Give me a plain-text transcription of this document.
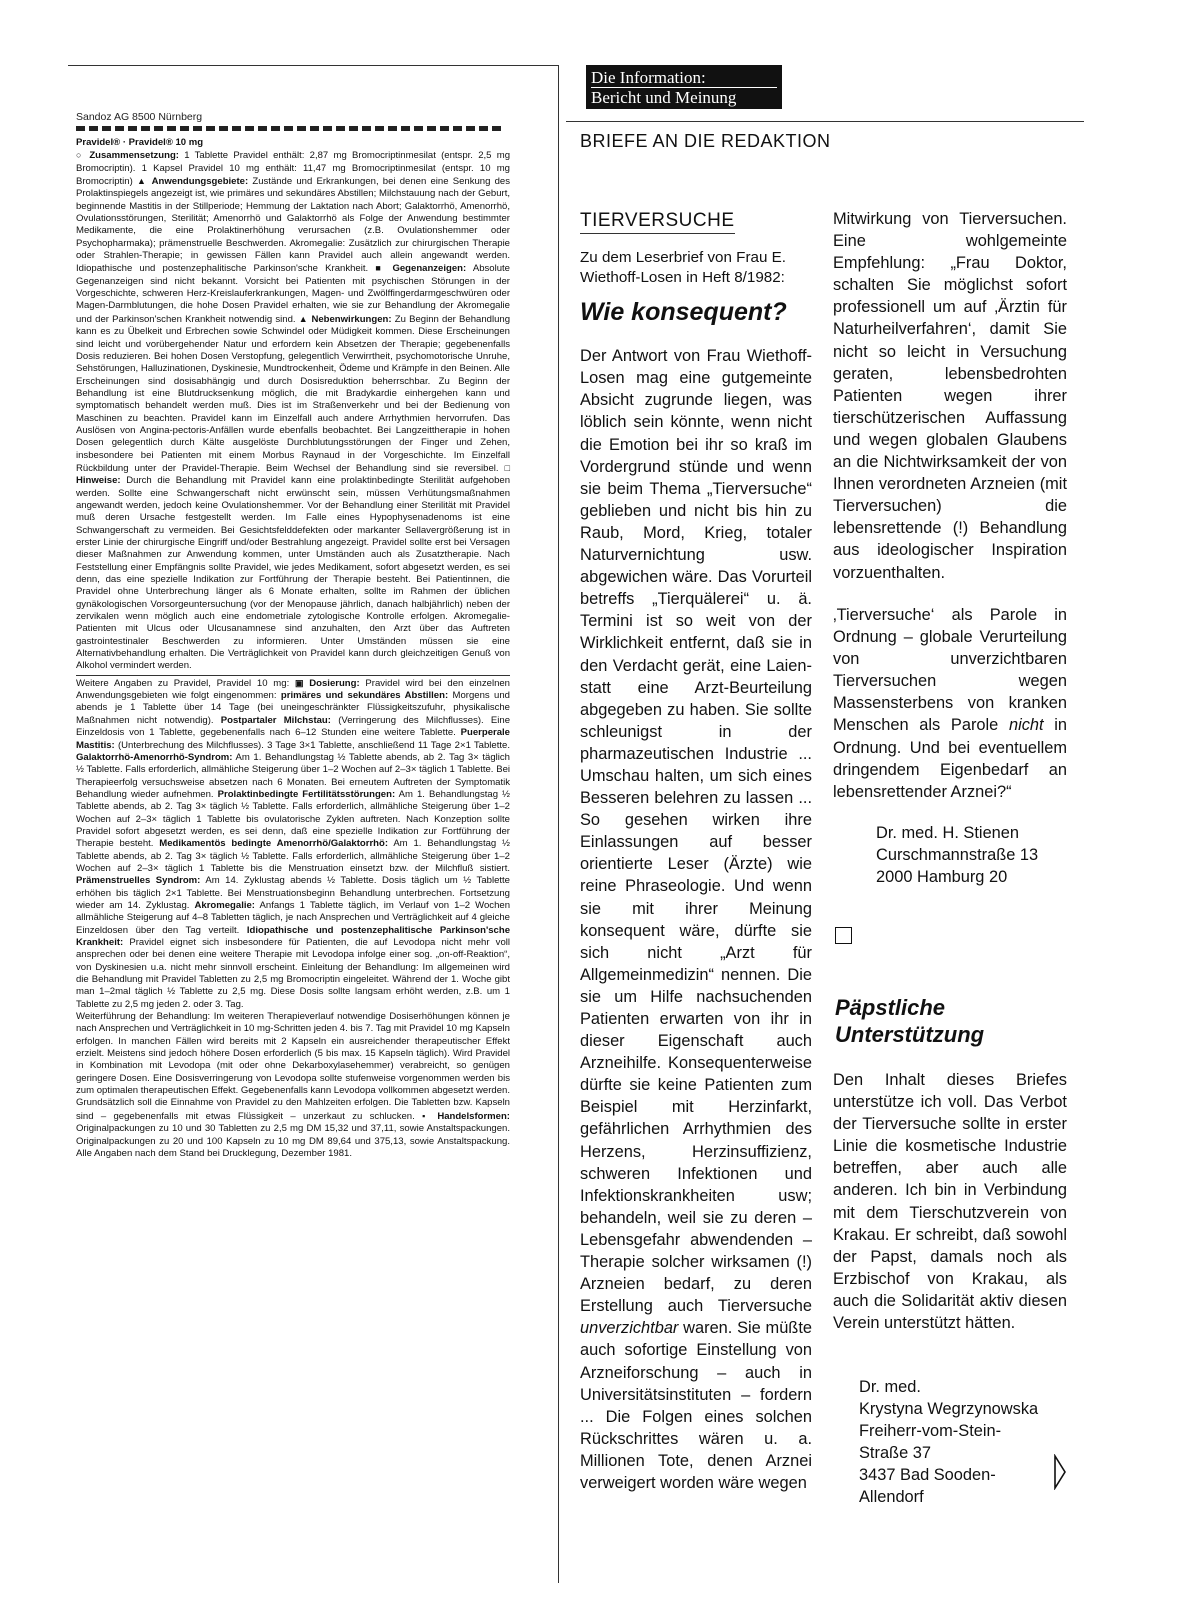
Sandoz AG 8500 Nürnberg

Pravidel® · Pravidel® 10 mg
○ Zusammensetzung: 1 Tablette Pravidel enthält: 2,87 mg Bromocriptinmesilat (entspr. 2,5 mg Bromocriptin). 1 Kapsel Pravidel 10 mg enthält: 11,47 mg Bromocriptinmesilat (entspr. 10 mg Bromocriptin) ▲ Anwendungsgebiete: Zustände und Erkrankungen, bei denen eine Senkung des Prolaktinspiegels angezeigt ist, wie primäres und sekundäres Abstillen; Milchstauung nach der Geburt, beginnende Mastitis in der Stillperiode; Hemmung der Laktation nach Abort; Galaktorrhö, Amenorrhö, Ovulationsstörungen, Sterilität; Amenorrhö und Galaktorrhö als Folge der Anwendung bestimmter Medikamente, die eine Prolaktinerhöhung verursachen (z.B. Ovulationshemmer oder Psychopharmaka); prämenstruelle Beschwerden. Akromegalie: Zusätzlich zur chirurgischen Therapie oder Strahlen-Therapie; in gewissen Fällen kann Pravidel auch allein angewandt werden. Idiopathische und postenzephalitische Parkinson'sche Krankheit. ■ Gegenanzeigen: Absolute Gegenanzeigen sind nicht bekannt. Vorsicht bei Patienten mit psychischen Störungen in der Vorgeschichte, schweren Herz-Kreislauferkrankungen, Magen- und Zwölffingerdarmgeschwüren oder Magen-Darmblutungen, die hohe Dosen Pravidel erhalten, wie sie zur Behandlung der Akromegalie und der Parkinson'schen Krankheit notwendig sind. ▲ Nebenwirkungen: Zu Beginn der Behandlung kann es zu Übelkeit und Erbrechen sowie Schwindel oder Müdigkeit kommen. Diese Erscheinungen sind leicht und vorübergehender Natur und erfordern kein Absetzen der Therapie; gegebenenfalls Dosis reduzieren. Bei hohen Dosen Verstopfung, gelegentlich Verwirrtheit, psychomotorische Unruhe, Sehstörungen, Halluzinationen, Dyskinesie, Mundtrockenheit, Ödeme und Krämpfe in den Beinen. Alle Erscheinungen sind dosisabhängig und durch Dosisreduktion beherrschbar. Zu Beginn der Behandlung ist eine Blutdrucksenkung möglich, die mit Bradykardie einhergehen kann und symptomatisch behandelt werden muß. Dies ist im Straßenverkehr und bei der Bedienung von Maschinen zu beachten. Pravidel kann im Einzelfall auch andere Arrhythmien hervorrufen. Das Auslösen von Angina-pectoris-Anfällen wurde ebenfalls beobachtet. Bei Langzeittherapie in hohen Dosen gelegentlich durch Kälte ausgelöste Durchblutungsstörungen der Finger und Zehen, insbesondere bei Patienten mit einem Morbus Raynaud in der Vorgeschichte. Im Einzelfall Rückbildung unter der Pravidel-Therapie. Beim Wechsel der Behandlung sind sie reversibel. □ Hinweise: Durch die Behandlung mit Pravidel kann eine prolaktinbedingte Sterilität aufgehoben werden. Sollte eine Schwangerschaft nicht erwünscht sein, müssen Verhütungsmaßnahmen angewandt werden, jedoch keine Ovulationshemmer. Vor der Behandlung einer Sterilität mit Pravidel muß deren Ursache festgestellt werden. Im Falle eines Hypophysenadenoms ist eine Schwangerschaft zu vermeiden. Bei Gesichtsfelddefekten oder markanter Sellavergrößerung ist in erster Linie der chirurgische Eingriff und/oder Bestrahlung angezeigt. Pravidel sollte erst bei Versagen dieser Maßnahmen zur Anwendung kommen, unter Umständen auch als Zusatztherapie. Nach Feststellung einer Empfängnis sollte Pravidel, wie jedes Medikament, sofort abgesetzt werden, es sei denn, das eine spezielle Indikation zur Fortführung der Therapie besteht. Bei Patientinnen, die Pravidel ohne Unterbrechung länger als 6 Monate erhalten, sollte im Rahmen der üblichen gynäkologischen Vorsorgeuntersuchung (vor der Menopause jährlich, danach halbjährlich) neben der zervikalen wenn möglich auch eine endometriale zytologische Kontrolle erfolgen. Akromegalie-Patienten mit Ulcus oder Ulcusanamnese sind anzuhalten, den Arzt über das Auftreten gastrointestinaler Beschwerden zu informieren. Unter Umständen müssen sie eine Alternativbehandlung erhalten. Die Verträglichkeit von Pravidel kann durch gleichzeitigen Genuß von Alkohol vermindert werden.

Weitere Angaben zu Pravidel, Pravidel 10 mg: ▣ Dosierung: Pravidel wird bei den einzelnen Anwendungsgebieten wie folgt eingenommen: primäres und sekundäres Abstillen: Morgens und abends je 1 Tablette über 14 Tage (bei uneingeschränkter Flüssigkeitszufuhr, physikalische Maßnahmen nicht notwendig). Postpartaler Milchstau: (Verringerung des Milchflusses). Eine Einzeldosis von 1 Tablette, gegebenenfalls nach 6–12 Stunden eine weitere Tablette. Puerperale Mastitis: (Unterbrechung des Milchflusses). 3 Tage 3×1 Tablette, anschließend 11 Tage 2×1 Tablette. Galaktorrhö-Amenorrhö-Syndrom: Am 1. Behandlungstag ½ Tablette abends, ab 2. Tag 3× täglich ½ Tablette. Falls erforderlich, allmähliche Steigerung über 1–2 Wochen auf 2–3× täglich 1 Tablette. Bei Therapieerfolg versuchsweise absetzen nach 6 Monaten. Bei erneutem Auftreten der Symptomatik Behandlung wieder aufnehmen. Prolaktinbedingte Fertilitätsstörungen: Am 1. Behandlungstag ½ Tablette abends, ab 2. Tag 3× täglich ½ Tablette. Falls erforderlich, allmähliche Steigerung über 1–2 Wochen auf 2–3× täglich 1 Tablette bis ovulatorische Zyklen auftreten. Nach Konzeption sollte Pravidel sofort abgesetzt werden, es sei denn, daß eine spezielle Indikation zur Fortführung der Therapie besteht. Medikamentös bedingte Amenorrhö/Galaktorrhö: Am 1. Behandlungstag ½ Tablette abends, ab 2. Tag 3× täglich ½ Tablette. Falls erforderlich, allmähliche Steigerung über 1–2 Wochen auf 2–3× täglich 1 Tablette bis die Menstruation einsetzt bzw. der Milchfluß sistiert. Prämenstruelles Syndrom: Am 14. Zyklustag abends ½ Tablette. Dosis täglich um ½ Tablette erhöhen bis täglich 2×1 Tablette. Bei Menstruationsbeginn Behandlung unterbrechen. Fortsetzung wieder am 14. Zyklustag. Akromegalie: Anfangs 1 Tablette täglich, im Verlauf von 1–2 Wochen allmähliche Steigerung auf 4–8 Tabletten täglich, je nach Ansprechen und Verträglichkeit auf 4 gleiche Einzeldosen über den Tag verteilt. Idiopathische und postenzephalitische Parkinson'sche Krankheit: Pravidel eignet sich insbesondere für Patienten, die auf Levodopa nicht mehr voll ansprechen oder bei denen eine weitere Therapie mit Levodopa infolge einer sog. „on-off-Reaktion“, von Dyskinesien u.a. nicht mehr sinnvoll erscheint. Einleitung der Behandlung: Im allgemeinen wird die Behandlung mit Pravidel Tabletten zu 2,5 mg Bromocriptin eingeleitet. Während der 1. Woche gibt man 1–2mal täglich ½ Tablette zu 2,5 mg. Diese Dosis sollte langsam erhöht werden, z.B. um 1 Tablette zu 2,5 mg jeden 2. oder 3. Tag.

Weiterführung der Behandlung: Im weiteren Therapieverlauf notwendige Dosiserhöhungen können je nach Ansprechen und Verträglichkeit in 10 mg-Schritten jeden 4. bis 7. Tag mit Pravidel 10 mg Kapseln erfolgen. In manchen Fällen wird bereits mit 2 Kapseln ein ausreichender therapeutischer Effekt erzielt. Meistens sind jedoch höhere Dosen erforderlich (5 bis max. 15 Kapseln täglich). Wird Pravidel in Kombination mit Levodopa (mit oder ohne Dekarboxylasehemmer) verabreicht, so genügen geringere Dosen. Eine Dosisverringerung von Levodopa sollte stufenweise vorgenommen werden bis zum optimalen therapeutischen Effekt. Gegebenenfalls kann Levodopa vollkommen abgesetzt werden. Grundsätzlich soll die Einnahme von Pravidel zu den Mahlzeiten erfolgen. Die Tabletten bzw. Kapseln sind – gegebenenfalls mit etwas Flüssigkeit – unzerkaut zu schlucken. ▪ Handelsformen: Originalpackungen zu 10 und 30 Tabletten zu 2,5 mg DM 15,32 und 37,11, sowie Anstaltspackungen. Originalpackungen zu 20 und 100 Kapseln zu 10 mg DM 89,64 und 375,13, sowie Anstaltspackung. Alle Angaben nach dem Stand bei Drucklegung, Dezember 1981.

Die Information:
Bericht und Meinung
BRIEFE AN DIE REDAKTION
TIERVERSUCHE

Zu dem Leserbrief von Frau E. Wiethoff-Losen in Heft 8/1982:

Wie konsequent?

Der Antwort von Frau Wiethoff-Losen mag eine gutgemeinte Absicht zugrunde liegen, was löblich sein könnte, wenn nicht die Emotion bei ihr so kraß im Vordergrund stünde und wenn sie beim Thema „Tierversuche“ geblieben und nicht bis hin zu Raub, Mord, Krieg, totaler Naturvernichtung usw. abgewichen wäre. Das Vorurteil betreffs „Tierquälerei“ u. ä. Termini ist so weit von der Wirklichkeit entfernt, daß sie in den Verdacht gerät, eine Laien- statt eine Arzt-Beurteilung abgegeben zu haben. Sie sollte schleunigst in der pharmazeutischen Industrie ... Umschau halten, um sich eines Besseren belehren zu lassen ... So gesehen wirken ihre Einlassungen auf besser orientierte Leser (Ärzte) wie reine Phraseologie. Und wenn sie mit ihrer Meinung konsequent wäre, dürfte sie sich nicht „Arzt für Allgemeinmedizin“ nennen. Die sie um Hilfe nachsuchenden Patienten erwarten von ihr in dieser Eigenschaft auch Arzneihilfe. Konsequenterweise dürfte sie keine Patienten zum Beispiel mit Herzinfarkt, gefährlichen Arrhythmien des Herzens, Herzinsuffizienz, schweren Infektionen und Infektionskrankheiten usw; behandeln, weil sie zu deren – Lebensgefahr abwendenden – Therapie solcher wirksamen (!) Arzneien bedarf, zu deren Erstellung auch Tierversuche unverzichtbar waren. Sie müßte auch sofortige Einstellung von Arzneiforschung – auch in Universitätsinstituten – fordern ... Die Folgen eines solchen Rückschrittes wären u. a. Millionen Tote, denen Arznei verweigert worden wäre wegen

Mitwirkung von Tierversuchen. Eine wohlgemeinte Empfehlung: „Frau Doktor, schalten Sie möglichst sofort professionell um auf ‚Ärztin für Naturheilverfahren‘, damit Sie nicht so leicht in Versuchung geraten, lebensbedrohten Patienten wegen ihrer tierschützerischen Auffassung und wegen globalen Glaubens an die Nichtwirksamkeit der von Ihnen verordneten Arzneien (mit Tierversuchen) die lebensrettende (!) Behandlung aus ideologischer Inspiration vorzuenthalten.

‚Tierversuche‘ als Parole in Ordnung – globale Verurteilung von unverzichtbaren Tierversuchen wegen Massensterbens von kranken Menschen als Parole nicht in Ordnung. Und bei eventuellem dringendem Eigenbedarf an lebensrettender Arznei?“

Dr. med. H. Stienen
Curschmannstraße 13
2000 Hamburg 20
Päpstliche
Unterstützung
Den Inhalt dieses Briefes unterstütze ich voll. Das Verbot der Tierversuche sollte in erster Linie die kosmetische Industrie betreffen, aber auch alle anderen. Ich bin in Verbindung mit dem Tierschutzverein von Krakau. Er schreibt, daß sowohl der Papst, damals noch als Erzbischof von Krakau, als auch die Solidarität aktiv diesen Verein unterstützt hätten.
Dr. med.
Krystyna Wegrzynowska
Freiherr-vom-Stein-
Straße 37
3437 Bad Sooden-
Allendorf
